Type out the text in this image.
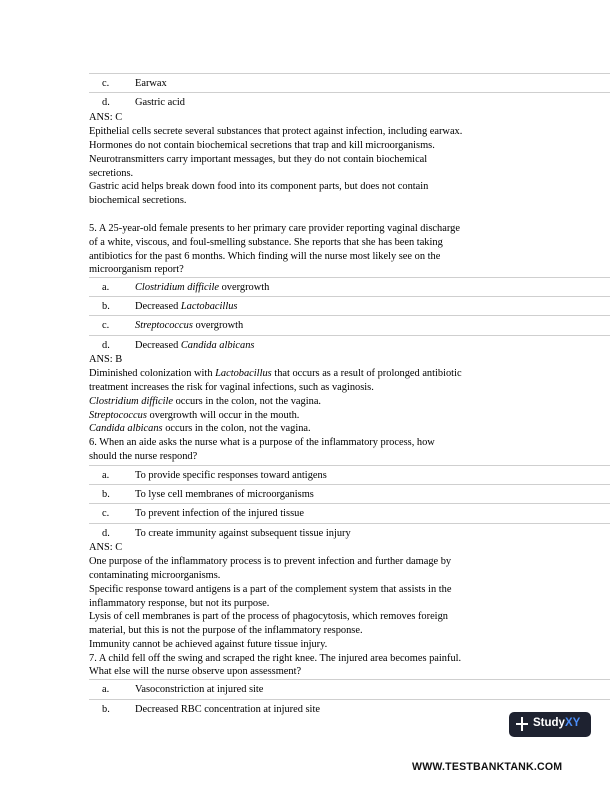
c. Earwax
d. Gastric acid
ANS: C
Epithelial cells secrete several substances that protect against infection, including earwax.
Hormones do not contain biochemical secretions that trap and kill microorganisms.
Neurotransmitters carry important messages, but they do not contain biochemical
secretions.
Gastric acid helps break down food into its component parts, but does not contain
biochemical secretions.
5. A 25-year-old female presents to her primary care provider reporting vaginal discharge
of a white, viscous, and foul-smelling substance. She reports that she has been taking
antibiotics for the past 6 months. Which finding will the nurse most likely see on the
microorganism report?
a. Clostridium difficile overgrowth
b. Decreased Lactobacillus
c. Streptococcus overgrowth
d. Decreased Candida albicans
ANS: B
Diminished colonization with Lactobacillus that occurs as a result of prolonged antibiotic
treatment increases the risk for vaginal infections, such as vaginosis.
Clostridium difficile occurs in the colon, not the vagina.
Streptococcus overgrowth will occur in the mouth.
Candida albicans occurs in the colon, not the vagina.
6. When an aide asks the nurse what is a purpose of the inflammatory process, how
should the nurse respond?
a. To provide specific responses toward antigens
b. To lyse cell membranes of microorganisms
c. To prevent infection of the injured tissue
d. To create immunity against subsequent tissue injury
ANS: C
One purpose of the inflammatory process is to prevent infection and further damage by
contaminating microorganisms.
Specific response toward antigens is a part of the complement system that assists in the
inflammatory response, but not its purpose.
Lysis of cell membranes is part of the process of phagocytosis, which removes foreign
material, but this is not the purpose of the inflammatory response.
Immunity cannot be achieved against future tissue injury.
7. A child fell off the swing and scraped the right knee. The injured area becomes painful.
What else will the nurse observe upon assessment?
a. Vasoconstriction at injured site
b. Decreased RBC concentration at injured site
StudyXY
WWW.TESTBANKTANK.COM
